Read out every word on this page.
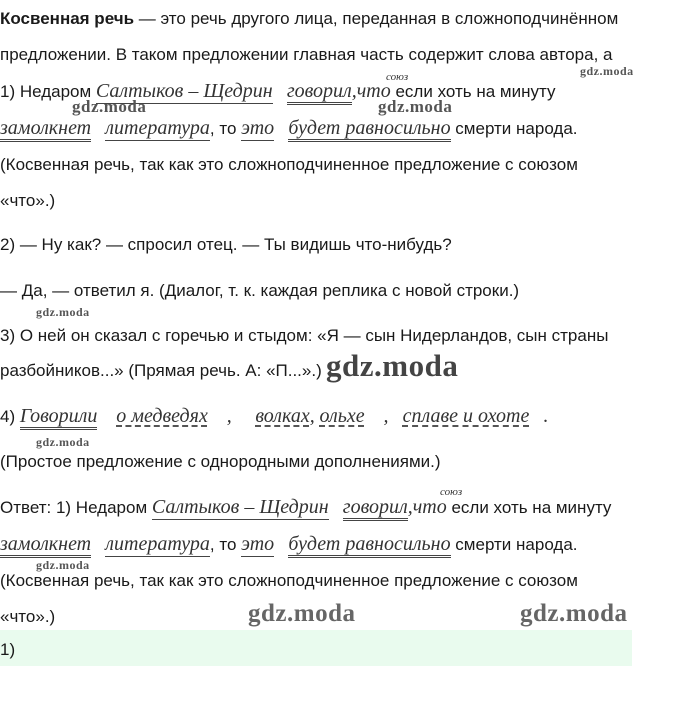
Косвенная речь — это речь другого лица, переданная в сложноподчинённом
предложении. В таком предложении главная часть содержит слова автора, а
1) Недаром Салтыков – Щедрин говорил,что если хоть на минуту
союз
замолкнет литература, то это будет равносильно смерти народа.
(Косвенная речь, так как это сложноподчиненное предложение с союзом
«что».)
2) — Ну как? — спросил отец. — Ты видишь что-нибудь?
— Да, — ответил я. (Диалог, т. к. каждая реплика с новой строки.)
3) О ней он сказал с горечью и стыдом: «Я — сын Нидерландов, сын страны
разбойников...» (Прямая речь. А: «П...».)
4) Говорили о медведях , волках, ольхе , сплаве и охоте .
(Простое предложение с однородными дополнениями.)
Ответ: 1) Недаром Салтыков – Щедрин говорил,что если хоть на минуту
союз
замолкнет литература, то это будет равносильно смерти народа.
(Косвенная речь, так как это сложноподчиненное предложение с союзом
«что».)
1)
gdz.moda
gdz.moda	gdz.moda
gdz.moda
gdz.moda
gdz.moda
gdz.moda
gdz.moda	gdz.moda
